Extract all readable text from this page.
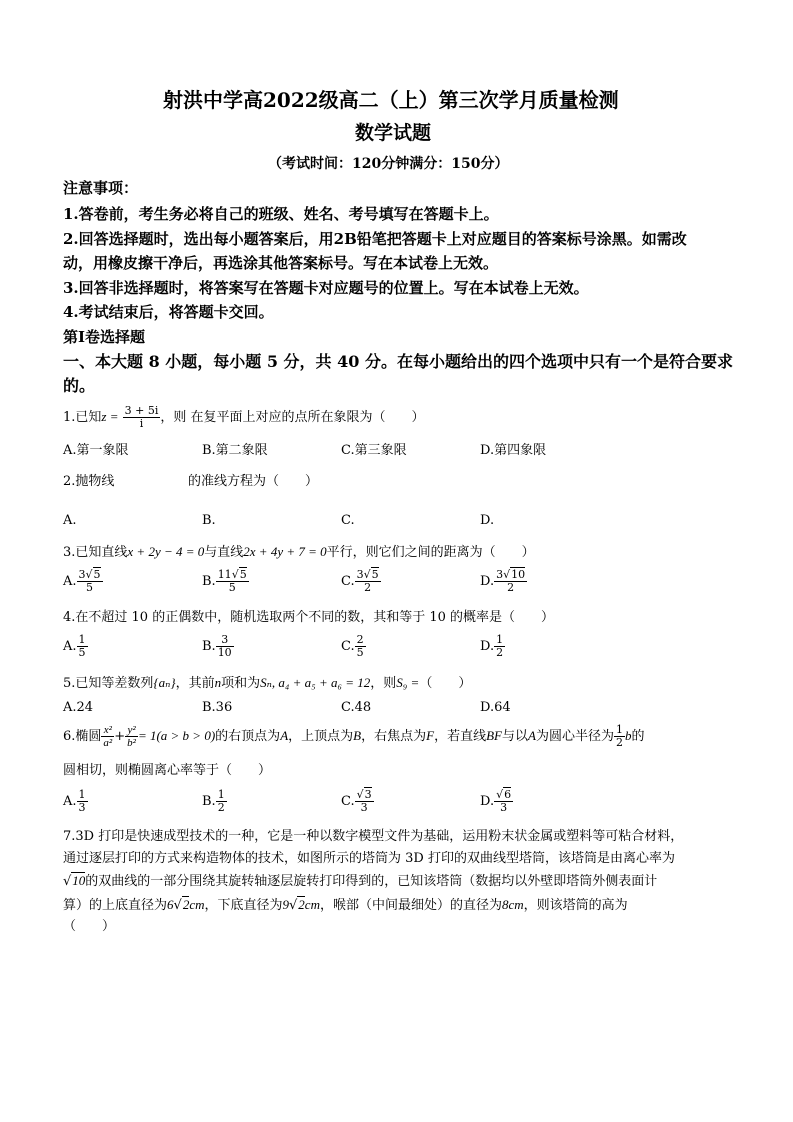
射洪中学高2022级高二（上）第三次学月质量检测
数学试题
（考试时间：120分钟满分：150分）
注意事项：
1.答卷前，考生务必将自己的班级、姓名、考号填写在答题卡上。
2.回答选择题时，选出每小题答案后，用2B铅笔把答题卡上对应题目的答案标号涂黑。如需改
动，用橡皮擦干净后，再选涂其他答案标号。写在本试卷上无效。
3.回答非选择题时，将答案写在答题卡对应题号的位置上。写在本试卷上无效。
4.考试结束后，将答题卡交回。
第Ⅰ卷选择题
一、本大题 8 小题，每小题 5 分，共 40 分。在每小题给出的四个选项中只有一个是符合要求
的。
1.已知$z = \frac{3 + 5i}{i}$ ，则 在复平面上对应的点所在象限为（　　）
A.第一象限	B.第二象限	C.第三象限	D.第四象限
2.抛物线	的准线方程为（　　）
A.	B.	C.	D.
3.已知直线x + 2y − 4 = 0与直线2x + 4y + 7 = 0平行，则它们之间的距离为（　　）
A. $\frac{3√5}{5}$	B. $\frac{11√5}{5}$	C. $\frac{3√5}{2}$	D. $\frac{3√10}{2}$
4.在不超过 10 的正偶数中，随机选取两个不同的数，其和等于 10 的概率是（　　）
A. $\frac{1}{5}$	B. $\frac{3}{10}$	C. $\frac{2}{5}$	D. $\frac{1}{2}$
5.已知等差数列{aₙ}，其前n项和为Sₙ, a₄ + a₅ + a₆ = 12，则S₉ =（　　）
A.24	B.36	C.48	D.64
6.椭圆 $\frac{\text{x²}}{\text{a²}} + \frac{\text{y²}}{\text{b²}} = 1(a > b > 0)$的右顶点为A，上顶点为B，右焦点为F，若直线BF与以A为圆心半径为 $\frac{1}{2}$ b的
圆相切，则椭圆离心率等于（　　）
A. $\frac{1}{3}$	B. $\frac{1}{2}$	C. $\frac{√3}{3}$	D. $\frac{√6}{3}$
7.3D 打印是快速成型技术的一种，它是一种以数字模型文件为基础，运用粉末状金属或塑料等可粘合材料，
通过逐层打印的方式来构造物体的技术，如图所示的塔筒为 3D 打印的双曲线型塔筒，该塔筒是由离心率为
√10的双曲线的一部分围绕其旋转轴逐层旋转打印得到的，已知该塔筒（数据均以外壁即塔筒外侧表面计
算）的上底直径为6√2cm，下底直径为9√2cm，喉部（中间最细处）的直径为8cm，则该塔筒的高为
（　　）
